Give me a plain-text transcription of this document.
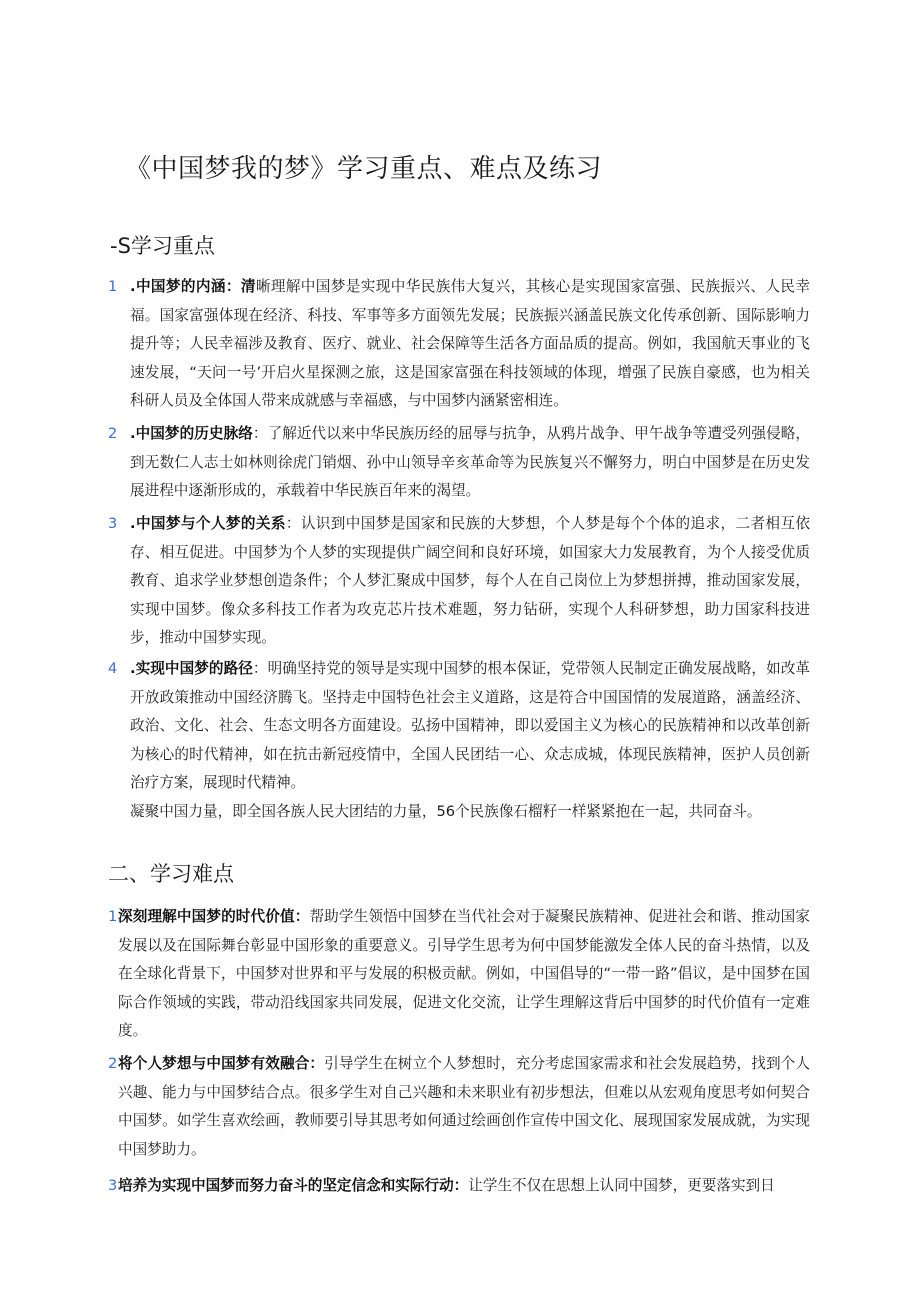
《中国梦我的梦》学习重点、难点及练习
-S学习重点
1 .中国梦的内涵：清晰理解中国梦是实现中华民族伟大复兴，其核心是实现国家富强、民族振兴、人民幸福。国家富强体现在经济、科技、军事等多方面领先发展；民族振兴涵盖民族文化传承创新、国际影响力提升等；人民幸福涉及教育、医疗、就业、社会保障等生活各方面品质的提高。例如，我国航天事业的飞速发展，“天问一号’开启火星探测之旅，这是国家富强在科技领域的体现，增强了民族自豪感，也为相关科研人员及全体国人带来成就感与幸福感，与中国梦内涵紧密相连。
2 .中国梦的历史脉络：了解近代以来中华民族历经的屈辱与抗争，从鸦片战争、甲午战争等遭受列强侵略，到无数仁人志士如林则徐虎门销烟、孙中山领导辛亥革命等为民族复兴不懈努力，明白中国梦是在历史发展进程中逐渐形成的，承载着中华民族百年来的渴望。
3 .中国梦与个人梦的关系：认识到中国梦是国家和民族的大梦想，个人梦是每个个体的追求，二者相互依存、相互促进。中国梦为个人梦的实现提供广阔空间和良好环境，如国家大力发展教育，为个人接受优质教育、追求学业梦想创造条件；个人梦汇聚成中国梦，每个人在自己岗位上为梦想拼搏，推动国家发展，实现中国梦。像众多科技工作者为攻克芯片技术难题，努力钻研，实现个人科研梦想，助力国家科技进步，推动中国梦实现。
4 .实现中国梦的路径：明确坚持党的领导是实现中国梦的根本保证，党带领人民制定正确发展战略，如改革开放政策推动中国经济腾飞。坚持走中国特色社会主义道路，这是符合中国国情的发展道路，涵盖经济、政治、文化、社会、生态文明各方面建设。弘扬中国精神，即以爱国主义为核心的民族精神和以改革创新为核心的时代精神，如在抗击新冠疫情中，全国人民团结一心、众志成城，体现民族精神，医护人员创新治疗方案，展现时代精神。

凝聚中国力量，即全国各族人民大团结的力量，56个民族像石榴籽一样紧紧抱在一起，共同奋斗。

二、学习难点
1.
深刻理解中国梦的时代价值：帮助学生领悟中国梦在当代社会对于凝聚民族精神、促进社会和谐、推动国家发展以及在国际舞台彰显中国形象的重要意义。引导学生思考为何中国梦能激发全体人民的奋斗热情，以及在全球化背景下，中国梦对世界和平与发展的积极贡献。例如，中国倡导的“一带一路”倡议，是中国梦在国际合作领域的实践，带动沿线国家共同发展，促进文化交流，让学生理解这背后中国梦的时代价值有一定难度。
2 将个人梦想与中国梦有效融合：引导学生在树立个人梦想时，充分考虑国家需求和社会发展趋势，找到个人兴趣、能力与中国梦结合点。很多学生对自己兴趣和未来职业有初步想法，但难以从宏观角度思考如何契合中国梦。如学生喜欢绘画，教师要引导其思考如何通过绘画创作宣传中国文化、展现国家发展成就，为实现中国梦助力。
3.
培养为实现中国梦而努力奋斗的坚定信念和实际行动：让学生不仅在思想上认同中国梦，更要落实到日
